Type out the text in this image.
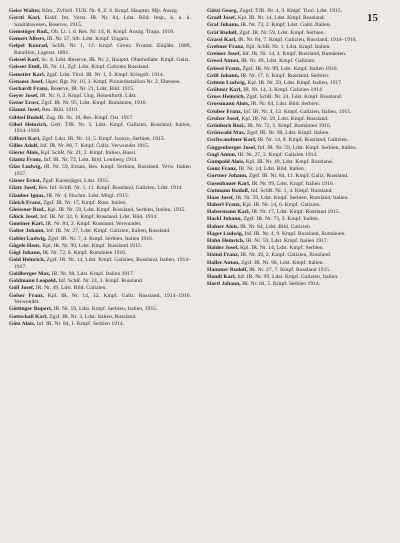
15

Geiss Walter, Kfm., Zvfortl. TUR. Nr. 8, Z. 6. Kmpf. Hauptm. Mjr. Auszg.

Gerstl Karl, Eisbf. Int. Vorst. IR. Nr. 84, Ldst. Bild. Insp., k. u. k. Sanitätswesen, Reserve, 1915.

Gemstöger Rud., Ob. Lt. i. d. Res. Nr. 14, R. Kmpf. Auszg. Trapp. 1916.

Gemert Albert, IR. Nr. 37, Sth. Ldst. Kmpf. Ungarn.

Geipel Konrad, SchR. Nr. 1, 12. Kmpf. Grenz. Frontst. Einjähr. 1889, Bataillon, Lagerst. 1891.

Geissel Karl, Sc. d. Ldst. Reserve, IR. Nr. 2, Hauptd. Oberhollabr. Kmpf. Galiz.

Geisser Emil, IR. Nr. 11, Zgf. Ldst. Kmpf. Galizien Russland.

Gemstier Karl, Zgsf. Ldst. Tirol. IR. Nr. 1, 9. Kmpf. Kriegsfr. 1914.

Genaesz Josef, Jäger, Rgt. Nr. 16, 3. Kmpf. Pionierbataillon Nr. 2, Ebensee.

Gerhardt Franz, Reserve, IR. Nr. 21, Ldst. Bild. 1915.

Geyer Josef, IR. Nr. 6, 2. Kmpf. Ung. Hohenfurth. Ldst.

Gezor Ernst, Zgsf. IR. Nr. 95, Ldst. Kmpf. Rumänien, 1916.

Gianni Josef, Res. Bild. 1916.

Gibbel Rudolf, Zug. IR. Nr. 10, Res. Kmpf. Ost. 1917.

Gibel Heinrich, Gefr. TJR. Nr. 3, Ldst. Kmpf. Galizien, Russland, Italien, 1914–1916.

Gilbert Karl, Zgsf. Ldst. IR. Nr. 14, 5. Kmpf. Isonzo, Serbien, 1915.

Gilles Adolf, Inf. IR. Nr. 88, 7. Kmpf. Galiz. Verwundet 1915.

Gierer Alois, Kpl. SchR. Nr. 21, 2. Kmpf. Italien, Russl.

Glantz Franz, Inf. IR. Nr. 73, Ldst. Bild. Lemberg 1914.

Glas Ludwig, IR. Nr. 59, Ersatz, Res. Kmpf. Serbien, Russland. Verw. Italien 1917.

Glaser Ernst, Zgsf. Kaiserjäger, Ldst. 1915.

Glatz Josef, Res. Inf. SchR. Nr. 1, 11. Kmpf. Russland, Galizien. Ldst. 1914.

Glauber Ignaz, IR. Nr. 4, Hochm. Ldst. Mitgl. 1915.

Gleich Franz, Zgsf. IR. Nr. 17, Kmpf. Russ. Italien.

Gleissner Rud., Kpl. IR. Nr. 59, Ldst. Kmpf. Russland, Serbien, Italien, 1915.

Glück Josef, Inf. IR. Nr. 32, 6. Kmpf. Russland. Ldst. Bild. 1914.

Gmeiner Karl, IR. Nr. 84, 2. Kmpf. Russland. Verwundet.

Gober Johann, Inf. IR. Nr. 27, Ldst. Kmpf. Galizien, Italien, Russland.

Gobiet Ludwig, Zgsf. IR. Nr. 7, 4. Kmpf. Serbien, Italien 1916.

Gögele Hans, Kpl. IR. Nr. 99, Ldst. Kmpf. Russland 1915.

Gögl Johann, IR. Nr. 72, 8. Kmpf. Rumänien 1916.

Gold Heinrich, Zgsf. IR. Nr. 14, Ldst. Kmpf. Galizien, Russland, Italien, 1914–1917.

Goldberger Max, IR. Nr. 98, Ldst. Kmpf. Italien 1917.

Goldmann Leopold, Inf. SchR. Nr. 24, 3. Kmpf. Russland.

Göll Josef, IR. Nr. 49, Ldst. Bild. Galizien.

Golser Franz, Kpl. IR. Nr. 14, 12. Kmpf. Galiz. Russland, 1914–1916. Verwundet.

Göttinger Rupert, IR. Nr. 59, Ldst. Kmpf. Serbien, Italien, 1915.

Gottschall Karl, Zgsf. IR. Nr. 3, Ldst. Italien, Russland.

Götz Alois, Inf. IR. Nr. 84, 1. Kmpf. Serbien 1914.

Götzl Georg, Zugsf. TJR. Nr. 4, 9. Kmpf. Tirol. Ldst. 1915.

Gradl Josef, Kpl. IR. Nr. 14, Ldst. Kmpf. Russland.

Graf Johann, IR. Nr. 73, 2. Kmpf. Ldst. Galiz. Italien.

Gräf Rudolf, Zgsf. IR. Nr. 59, Ldst. Kmpf. Serbien.

Grassl Karl, IR. Nr. 84, 7. Kmpf. Galizien, Russland, 1914–1916.

Grebner Franz, Kpl. SchR. Nr. 1, Ldst. Kmpf. Italien.

Greiner Josef, Inf. IR. Nr. 14, 4. Kmpf. Russland, Rumänien.

Gressl Anton, IR. Nr. 49, Ldst. Kmpf. Galizien.

Griessl Franz, Zgsf. IR. Nr. 99, Ldst. Kmpf. Italien 1916.

Grill Johann, IR. Nr. 17, 6. Kmpf. Russland, Serbien.

Grimm Ludwig, Kpl. IR. Nr. 59, Ldst. Kmpf. Italien, 1917.

Gröbner Karl, IR. Nr. 14, 3. Kmpf. Galizien 1914.

Gross Heinrich, Zgsf. SchR. Nr. 24, Ldst. Kmpf. Russland.

Grossmann Alois, IR. Nr. 84, Ldst. Bild. Serbien.

Gruber Franz, Inf. IR. Nr. 4, 12. Kmpf. Galizien, Italien, 1915.

Gruber Josef, Kpl. IR. Nr. 59, Ldst. Kmpf. Russland.

Grünbeck Rud., IR. Nr. 72, 5. Kmpf. Rumänien 1916.

Grünwald Max, Zgsf. IR. Nr. 98, Ldst. Kmpf. Italien.

Gschwandtner Karl, IR. Nr. 14, 8. Kmpf. Russland, Galizien.

Guggenberger Josef, Inf. IR. Nr. 59, Ldst. Kmpf. Serbien, Italien.

Gugl Anton, IR. Nr. 27, 2. Kmpf. Galizien 1914.

Gumpold Alois, Kpl. IR. Nr. 49, Ldst. Kmpf. Russland.

Gunz Franz, IR. Nr. 14, Ldst. Bild. Italien.

Gurtner Johann, Zgsf. IR. Nr. 84, 11. Kmpf. Galiz. Russland.

Gusenbauer Karl, IR. Nr. 99, Ldst. Kmpf. Italien 1916.

Gutmann Rudolf, Inf. SchR. Nr. 1, 4. Kmpf. Russland.

Haas Josef, IR. Nr. 59, Ldst. Kmpf. Serbien, Russland, Italien.

Haberl Franz, Kpl. IR. Nr. 14, 6. Kmpf. Galizien.

Habermann Karl, IR. Nr. 17, Ldst. Kmpf. Russland 1915.

Hackl Johann, Zgsf. IR. Nr. 73, 3. Kmpf. Italien.

Hafner Alois, IR. Nr. 84, Ldst. Bild. Galizien.

Hager Ludwig, Inf. IR. Nr. 4, 9. Kmpf. Russland, Rumänien.

Hahn Heinrich, IR. Nr. 59, Ldst. Kmpf. Italien 1917.

Haider Josef, Kpl. IR. Nr. 14, Ldst. Kmpf. Serbien.

Haiml Franz, IR. Nr. 49, 2. Kmpf. Galizien, Russland.

Haller Anton, Zgsf. IR. Nr. 98, Ldst. Kmpf. Italien.

Hammer Rudolf, IR. Nr. 27, 7. Kmpf. Russland 1915.

Handl Karl, Inf. IR. Nr. 99, Ldst. Kmpf. Galizien, Italien.

Hartl Johann, IR. Nr. 84, 5. Kmpf. Serbien 1914.
